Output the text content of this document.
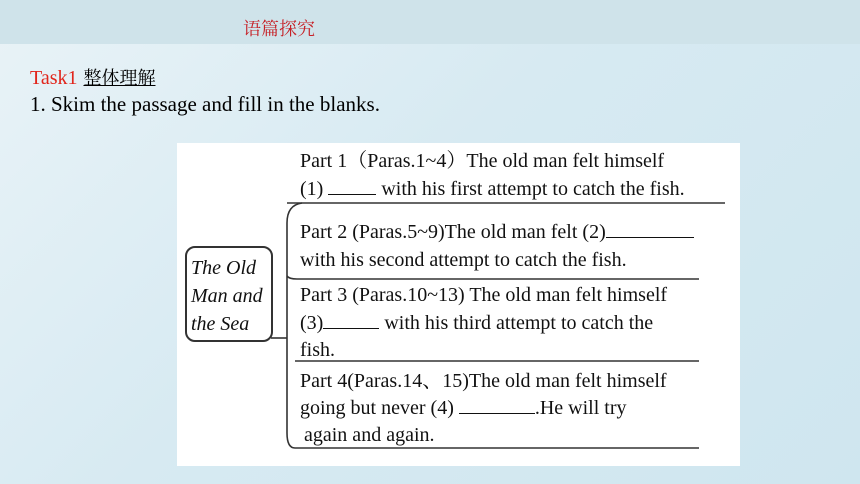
语篇探究
Task1 整体理解
1. Skim the passage and fill in the blanks.
The Old
Man and
the Sea
Part 1（Paras.1~4）The old man felt himself
(1)	with his first attempt to catch the fish.
Part 2 (Paras.5~9)The old man felt (2)
with his second attempt to catch the fish.
Part 3 (Paras.10~13) The old man felt himself
(3)	with his third attempt to catch the
fish.
Part 4(Paras.14、15)The old man felt himself
going but never (4)	.He will try
again and again.
